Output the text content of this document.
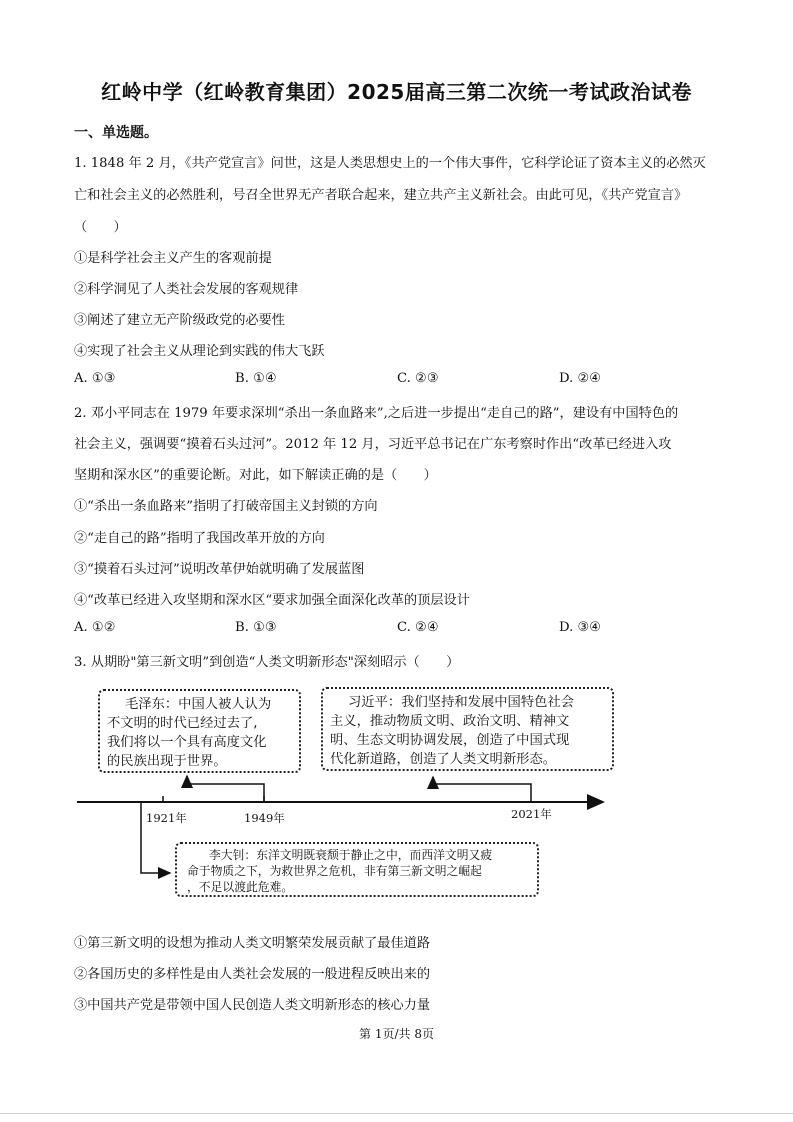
红岭中学（红岭教育集团）2025届高三第二次统一考试政治试卷
一、单选题。
1. 1848 年 2 月，《共产党宣言》问世，这是人类思想史上的一个伟大事件，它科学论证了资本主义的必然灭
亡和社会主义的必然胜利，号召全世界无产者联合起来，建立共产主义新社会。由此可见，《共产党宣言》
（　　）
①是科学社会主义产生的客观前提
②科学洞见了人类社会发展的客观规律
③阐述了建立无产阶级政党的必要性
④实现了社会主义从理论到实践的伟大飞跃
A. ①③	B. ①④	C. ②③	D. ②④
2. 邓小平同志在 1979 年要求深圳“杀出一条血路来”,之后进一步提出“走自己的路”，建设有中国特色的
社会主义，强调要“摸着石头过河”。2012 年 12 月，习近平总书记在广东考察时作出“改革已经进入攻
坚期和深水区”的重要论断。对此，如下解读正确的是（　　）
①“杀出一条血路来”指明了打破帝国主义封锁的方向
②“走自己的路”指明了我国改革开放的方向
③“摸着石头过河”说明改革伊始就明确了发展蓝图
④“改革已经进入攻坚期和深水区“要求加强全面深化改革的顶层设计
A. ①②	B. ①③	C. ②④	D. ③④
3. 从期盼"第三新文明”到创造“人类文明新形态"深刻昭示（　　）
毛泽东：中国人被人认为
不文明的时代已经过去了,
我们将以一个具有高度文化
的民族出现于世界。
习近平：我们坚持和发展中国特色社会
主义，推动物质文明、政治文明、精神文
明、生态文明协调发展，创造了中国式现
代化新道路，创造了人类文明新形态。
李大钊：东洋文明既衰颓于静止之中，而西洋文明又疲
命于物质之下，为救世界之危机，非有第三新文明之崛起
，不足以渡此危难。
1921年	1949年	2021年
①第三新文明的设想为推动人类文明繁荣发展贡献了最佳道路
②各国历史的多样性是由人类社会发展的一般进程反映出来的
③中国共产党是带领中国人民创造人类文明新形态的核心力量
第 1页/共 8页
